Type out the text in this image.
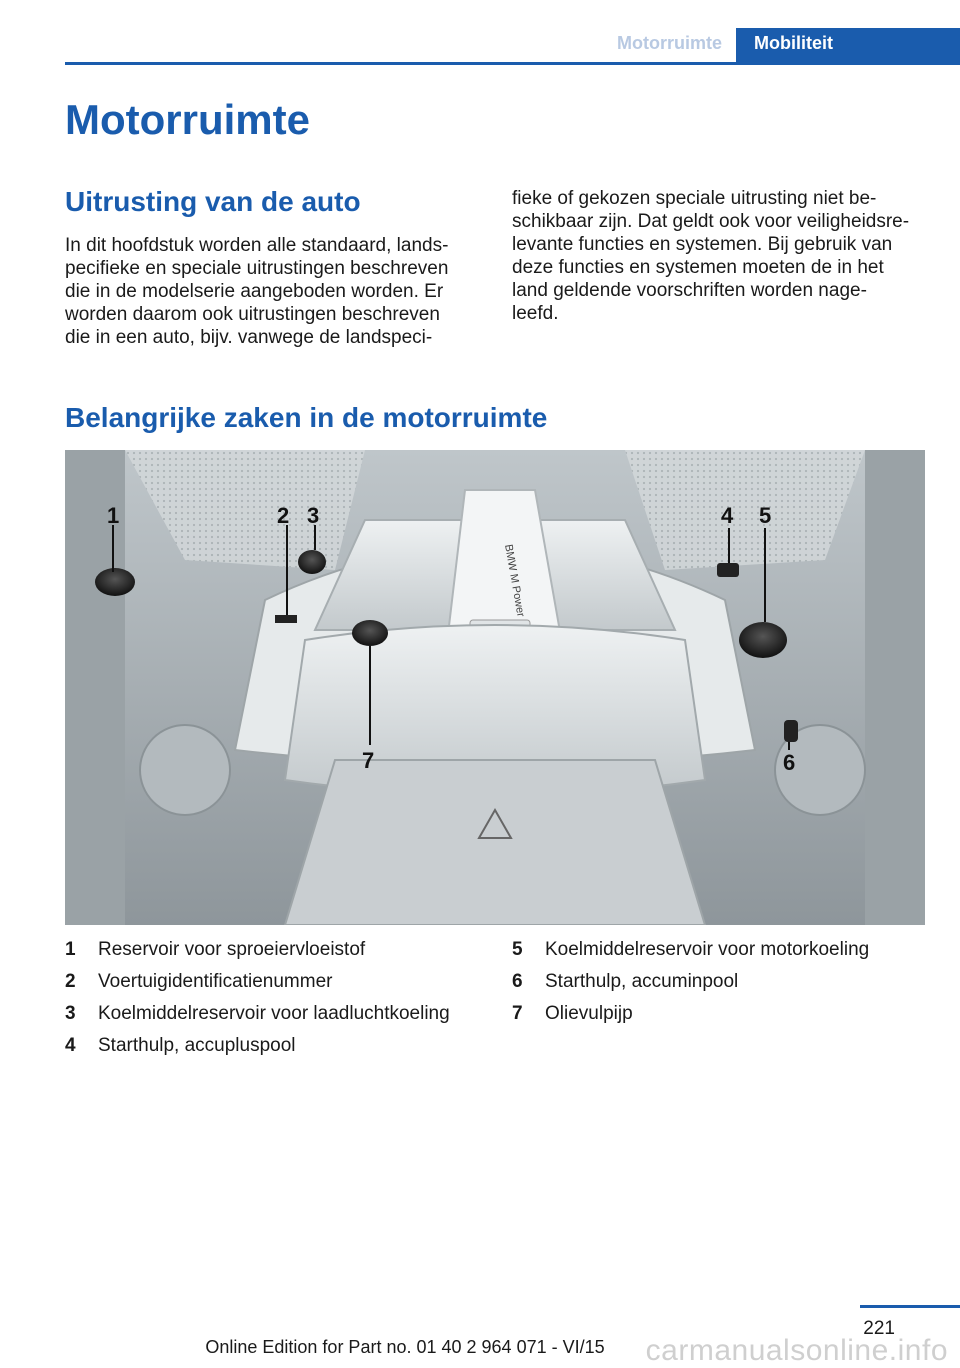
Motorruimte	Mobiliteit
Motorruimte
Uitrusting van de auto
In dit hoofdstuk worden alle standaard, lands-
pecifieke en speciale uitrustingen beschreven
die in de modelserie aangeboden worden. Er
worden daarom ook uitrustingen beschreven
die in een auto, bijv. vanwege de landspeci-
fieke of gekozen speciale uitrusting niet be-
schikbaar zijn. Dat geldt ook voor veiligheidsre-
levante functies en systemen. Bij gebruik van
deze functies en systemen moeten de in het
land geldende voorschriften worden nage-
leefd.
Belangrijke zaken in de motorruimte
BMW M Power
1	2 3	4 5
6
7
1 Reservoir voor sproeiervloeistof
2 Voertuigidentificatienummer
3 Koelmiddelreservoir voor laadluchtkoeling
4 Starthulp, accupluspool
5 Koelmiddelreservoir voor motorkoeling
6 Starthulp, accuminpool
7 Olievulpijp
221
Online Edition for Part no. 01 40 2 964 071 - VI/15	carmanualsonline.info
